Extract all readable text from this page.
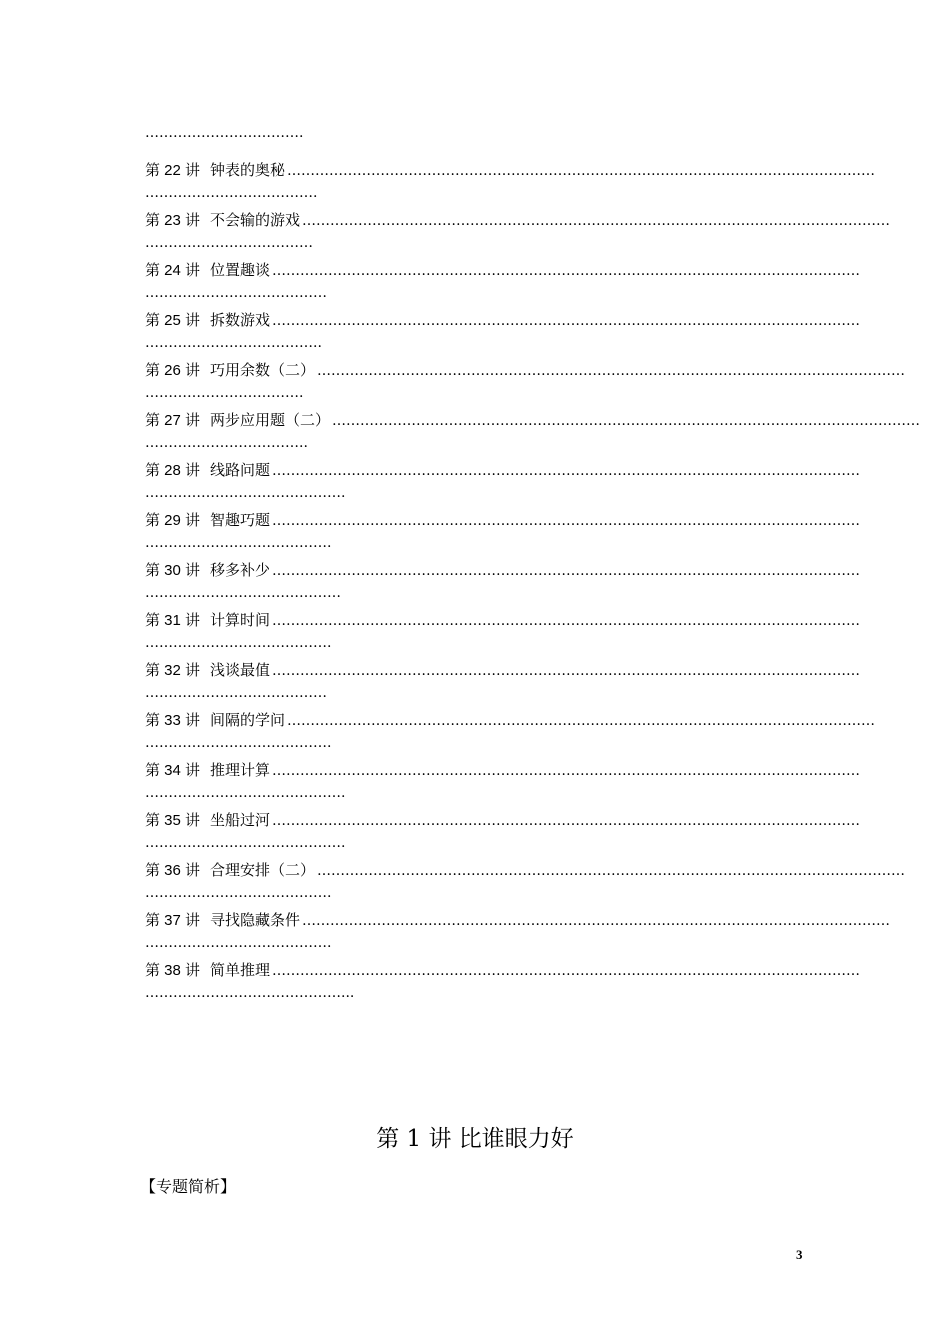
…………………………….
第 22 讲 钟表的奥秘 ………………………………………………………………………………………………………………
……………………………….
第 23 讲 不会输的游戏 ………………………………………………………………………………………………………………
………………………………
第 24 讲 位置趣谈 ………………………………………………………………………………………………………………
…………………………………
第 25 讲 拆数游戏 ………………………………………………………………………………………………………………
………………………………..
第 26 讲 巧用余数（二） ………………………………………………………………………………………………………………
…………………………….
第 27 讲 两步应用题（二） ………………………………………………………………………………………………………………
……………………………..
第 28 讲 线路问题 ………………………………………………………………………………………………………………
…………………………………….
第 29 讲 智趣巧题 ………………………………………………………………………………………………………………
………………………………….
第 30 讲 移多补少 ………………………………………………………………………………………………………………
……………………………………
第 31 讲 计算时间 ………………………………………………………………………………………………………………
………………………………….
第 32 讲 浅谈最值 ………………………………………………………………………………………………………………
…………………………………
第 33 讲 间隔的学问 ………………………………………………………………………………………………………………
………………………………….
第 34 讲 推理计算 ………………………………………………………………………………………………………………
…………………………………….
第 35 讲 坐船过河 ………………………………………………………………………………………………………………
…………………………………….
第 36 讲 合理安排（二） ………………………………………………………………………………………………………………
………………………………….
第 37 讲 寻找隐藏条件 ………………………………………………………………………………………………………………
………………………………….
第 38 讲 简单推理 ………………………………………………………………………………………………………………
……………………………………...
第 1 讲 比谁眼力好
【专题简析】
3
